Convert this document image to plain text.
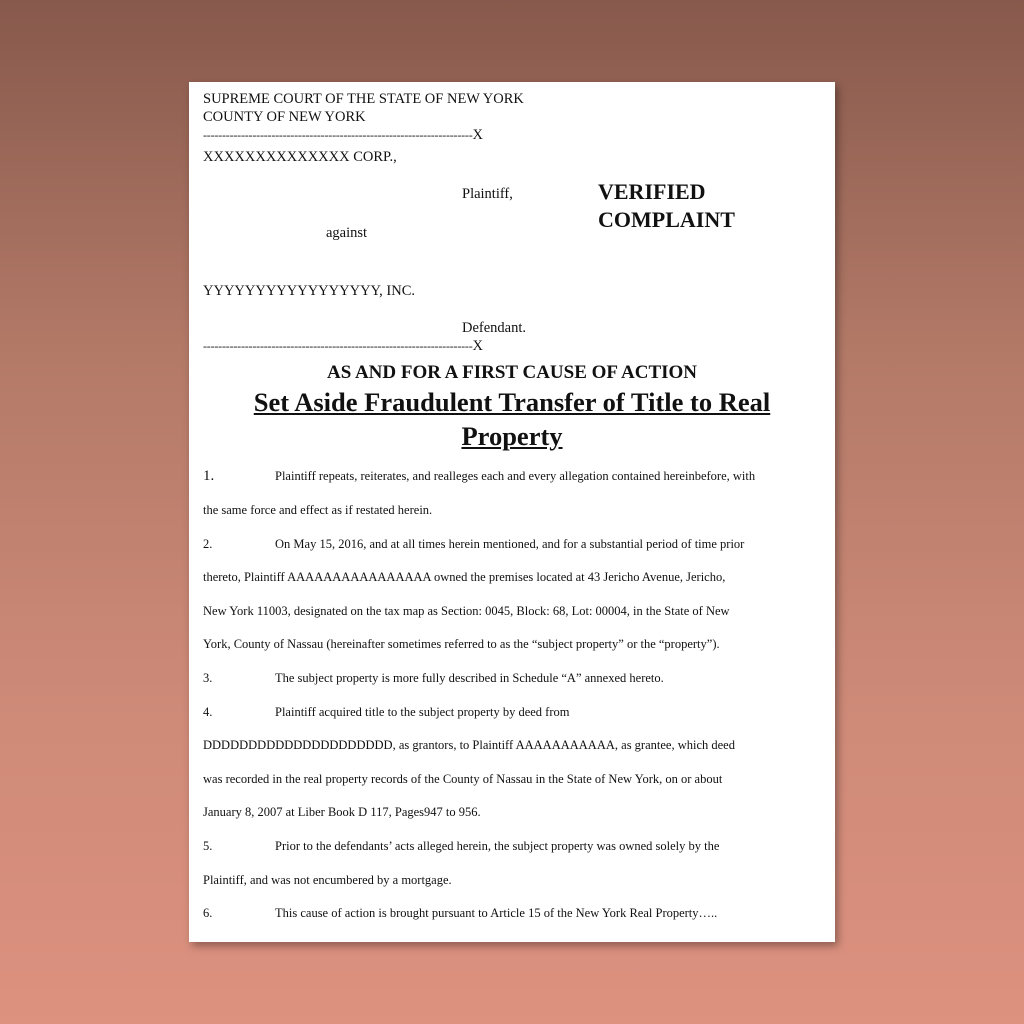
SUPREME COURT OF THE STATE OF NEW YORK
COUNTY OF NEW YORK
-----------------------------------------------------------------------X
XXXXXXXXXXXXXX CORP.,
Plaintiff,	VERIFIED
COMPLAINT
against
YYYYYYYYYYYYYYYYY, INC.
Defendant.
-----------------------------------------------------------------------X
AS AND FOR A FIRST CAUSE OF ACTION
Set Aside Fraudulent Transfer of Title to Real
Property
1.	Plaintiff repeats, reiterates, and realleges each and every allegation contained hereinbefore, with
the same force and effect as if restated herein.
2.	On May 15, 2016, and at all times herein mentioned, and for a substantial period of time prior
thereto, Plaintiff AAAAAAAAAAAAAAAA owned the premises located at 43 Jericho Avenue, Jericho,
New York 11003, designated on the tax map as Section: 0045, Block: 68, Lot: 00004, in the State of New
York, County of Nassau (hereinafter sometimes referred to as the “subject property” or the “property”).
3.	The subject property is more fully described in Schedule “A” annexed hereto.
4.	Plaintiff acquired title to the subject property by deed from
DDDDDDDDDDDDDDDDDDDDD, as grantors, to Plaintiff AAAAAAAAAAA, as grantee, which deed
was recorded in the real property records of the County of Nassau in the State of New York, on or about
January 8, 2007 at Liber Book D 117, Pages947 to 956.
5.	Prior to the defendants’ acts alleged herein, the subject property was owned solely by the
Plaintiff, and was not encumbered by a mortgage.
6.	This cause of action is brought pursuant to Article 15 of the New York Real Property…..
